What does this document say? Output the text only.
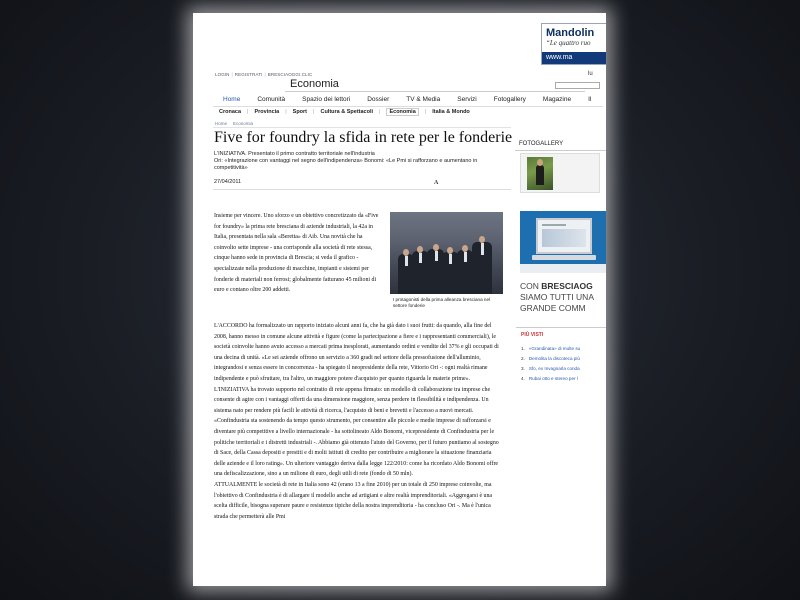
Mandolin
“Le quattro ruo
www.ma
LOGIN | REGISTRATI | BRESCIAOGGI.CLIC	lu
Economia
Home	Comunità	Spazio dei lettori	Dossier	TV & Media	Servizi	Fotogallery	Magazine	Il
Cronaca | Provincia | Sport | Cultura & Spettacoli | Economia | Italia & Mondo
Home Economia
Five for foundry la sfida in rete per le fonderie
L'INIZIATIVA. Presentato il primo contratto territoriale nell'industria
Ori: «Integrazione con vantaggi nel segno dell'indipendenza» Bonomi: «Le Pmi si rafforzano e aumentano in competitività»
27/04/2011	A
Insieme per vincere. Uno sforzo e un obiettivo concretizzato da «Five for foundry» la prima rete bresciana di aziende industriali, la 42a in Italia, presentata nella sala «Beretta» di Aib. Una novità che ha coinvolto sette imprese - una corrisponde alla società di rete stessa, cinque hanno sede in provincia di Brescia; si veda il grafico - specializzate nella produzione di macchine, impianti e sistemi per fonderie di materiali non ferrosi; globalmente fatturano 45 milioni di euro e contano oltre 200 addetti.
I protagonisti della prima alleanza bresciana nel settore fonderie

L'ACCORDO ha formalizzato un rapporto iniziato alcuni anni fa, che ha già dato i suoi frutti: da quando, alla fine del 2008, hanno messo in comune alcune attività e figure (come la partecipazione a fiere e i rappresentanti commerciali), le società coinvolte hanno avuto accesso a mercati prima inesplorati, aumentando ordini e vendite del 37% e gli occupati di una decina di unità. «Le sei aziende offrono un servizio a 360 gradi nel settore della pressofusione dell'alluminio, integrandosi e senza essere in concorrenza - ha spiegato il neopresidente della rete, Vittorio Ori -: ogni realtà rimane indipendente e può sfruttare, tra l'altro, un maggiore potere d'acquisto per quanto riguarda le materie prime».

L'INIZIATIVA ha trovato supporto nel contratto di rete appena firmato: un modello di collaborazione tra imprese che consente di agire con i vantaggi offerti da una dimensione maggiore, senza perdere in flessibilità e indipendenza. Un sistema nato per rendere più facili le attività di ricerca, l'acquisto di beni e brevetti e l'accesso a nuovi mercati. «Confindustria sta sostenendo da tempo questo strumento, per consentire alle piccole e medie imprese di rafforzarsi e diventare più competitive a livello internazionale - ha sottolineato Aldo Bonomi, vicepresidente di Confindustria per le politiche territoriali e i distretti industriali -. Abbiamo già ottenuto l'aiuto del Governo, per il futuro puntiamo al sostegno di Sace, della Cassa depositi e prestiti e di molti istituti di credito per contribuire a migliorare la situazione finanziaria delle aziende e il loro rating». Un ulteriore vantaggio deriva dalla legge 122/2010: come ha ricordato Aldo Bonomi offre una defiscalizzazione, sino a un milione di euro, degli utili di rete (fondo di 50 mln).

ATTUALMENTE le società di rete in Italia sono 42 (erano 13 a fine 2010) per un totale di 250 imprese coinvolte, ma l'obiettivo di Confindustria è di allargare il modello anche ad artigiani e altre realtà imprenditoriali. «Aggregarsi è una scelta difficile, bisogna superare paure e resistenze tipiche della nostra imprenditoria - ha concluso Ori -. Ma è l'unica strada che permetterà alle Pmi

FOTOGALLERY
CON BRESCIAOG
SIAMO TUTTI UNA
GRANDE COMM
PIÙ VISTI
1. «Grandinata» di multe su
2. Demolita la discoteca più
3. Sfo, ex Invagnarla conda
4. Rubai otto e stereo per l
